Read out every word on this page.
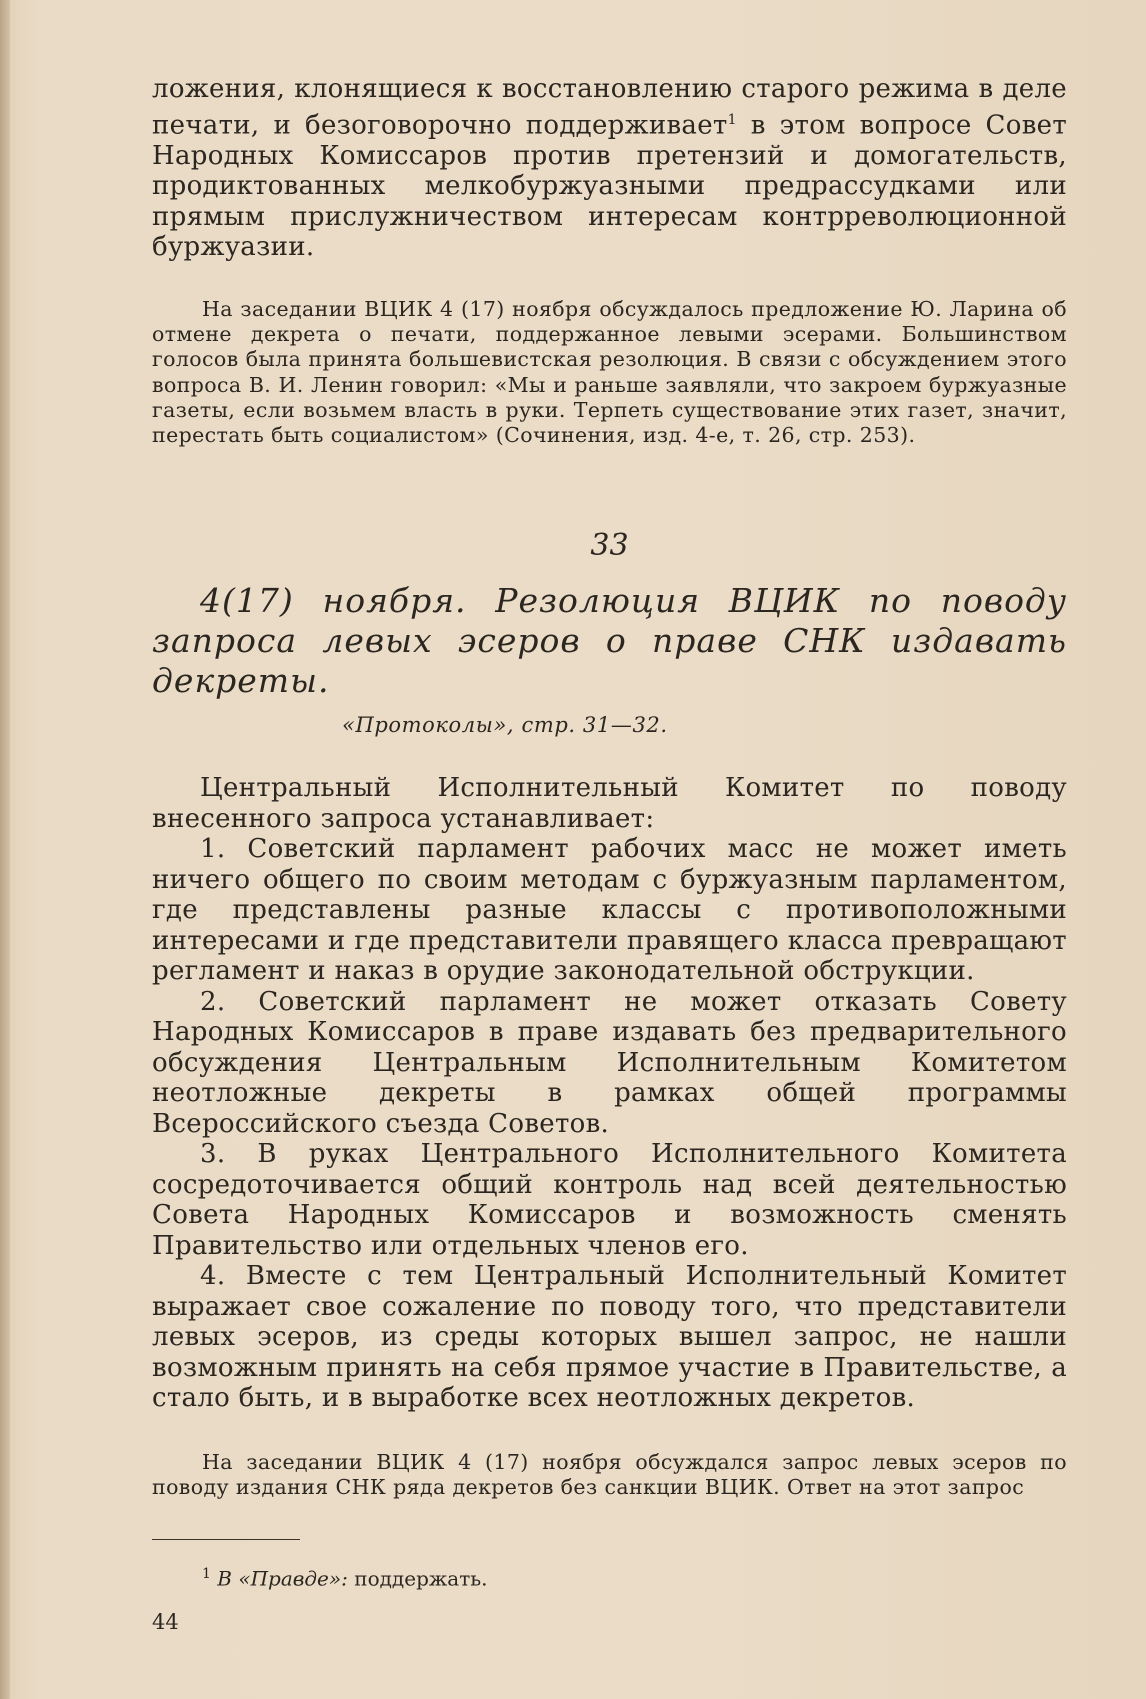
ложения, клонящиеся к восстановлению старого режима в деле печати, и безоговорочно поддерживает$^1$ в этом вопросе Совет Народных Комиссаров против претензий и домогательств, продиктованных мелкобуржуазными предрассудками или прямым прислужничеством интересам контрреволюционной буржуазии.

На заседании ВЦИК 4 (17) ноября обсуждалось предложение Ю. Ларина об отмене декрета о печати, поддержанное левыми эсерами. Большинством голосов была принята большевистская резолюция. В связи с обсуждением этого вопроса В. И. Ленин говорил: «Мы и раньше заявляли, что закроем буржуазные газеты, если возьмем власть в руки. Терпеть существование этих газет, значит, перестать быть социалистом» (Сочинения, изд. 4-е, т. 26, стр. 253).

33

4(17) ноября. Резолюция ВЦИК по поводу запроса левых эсеров о праве СНК издавать декреты.

«Протоколы», стр. 31—32.

Центральный Исполнительный Комитет по поводу внесенного запроса устанавливает:

1. Советский парламент рабочих масс не может иметь ничего общего по своим методам с буржуазным парламентом, где представлены разные классы с противоположными интересами и где представители правящего класса превращают регламент и наказ в орудие законодательной обструкции.

2. Советский парламент не может отказать Совету Народных Комиссаров в праве издавать без предварительного обсуждения Центральным Исполнительным Комитетом неотложные декреты в рамках общей программы Всероссийского съезда Советов.

3. В руках Центрального Исполнительного Комитета сосредоточивается общий контроль над всей деятельностью Совета Народных Комиссаров и возможность сменять Правительство или отдельных членов его.

4. Вместе с тем Центральный Исполнительный Комитет выражает свое сожаление по поводу того, что представители левых эсеров, из среды которых вышел запрос, не нашли возможным принять на себя прямое участие в Правительстве, а стало быть, и в выработке всех неотложных декретов.

На заседании ВЦИК 4 (17) ноября обсуждался запрос левых эсеров по поводу издания СНК ряда декретов без санкции ВЦИК. Ответ на этот запрос

$^1$ В «Правде»: поддержать.

44
